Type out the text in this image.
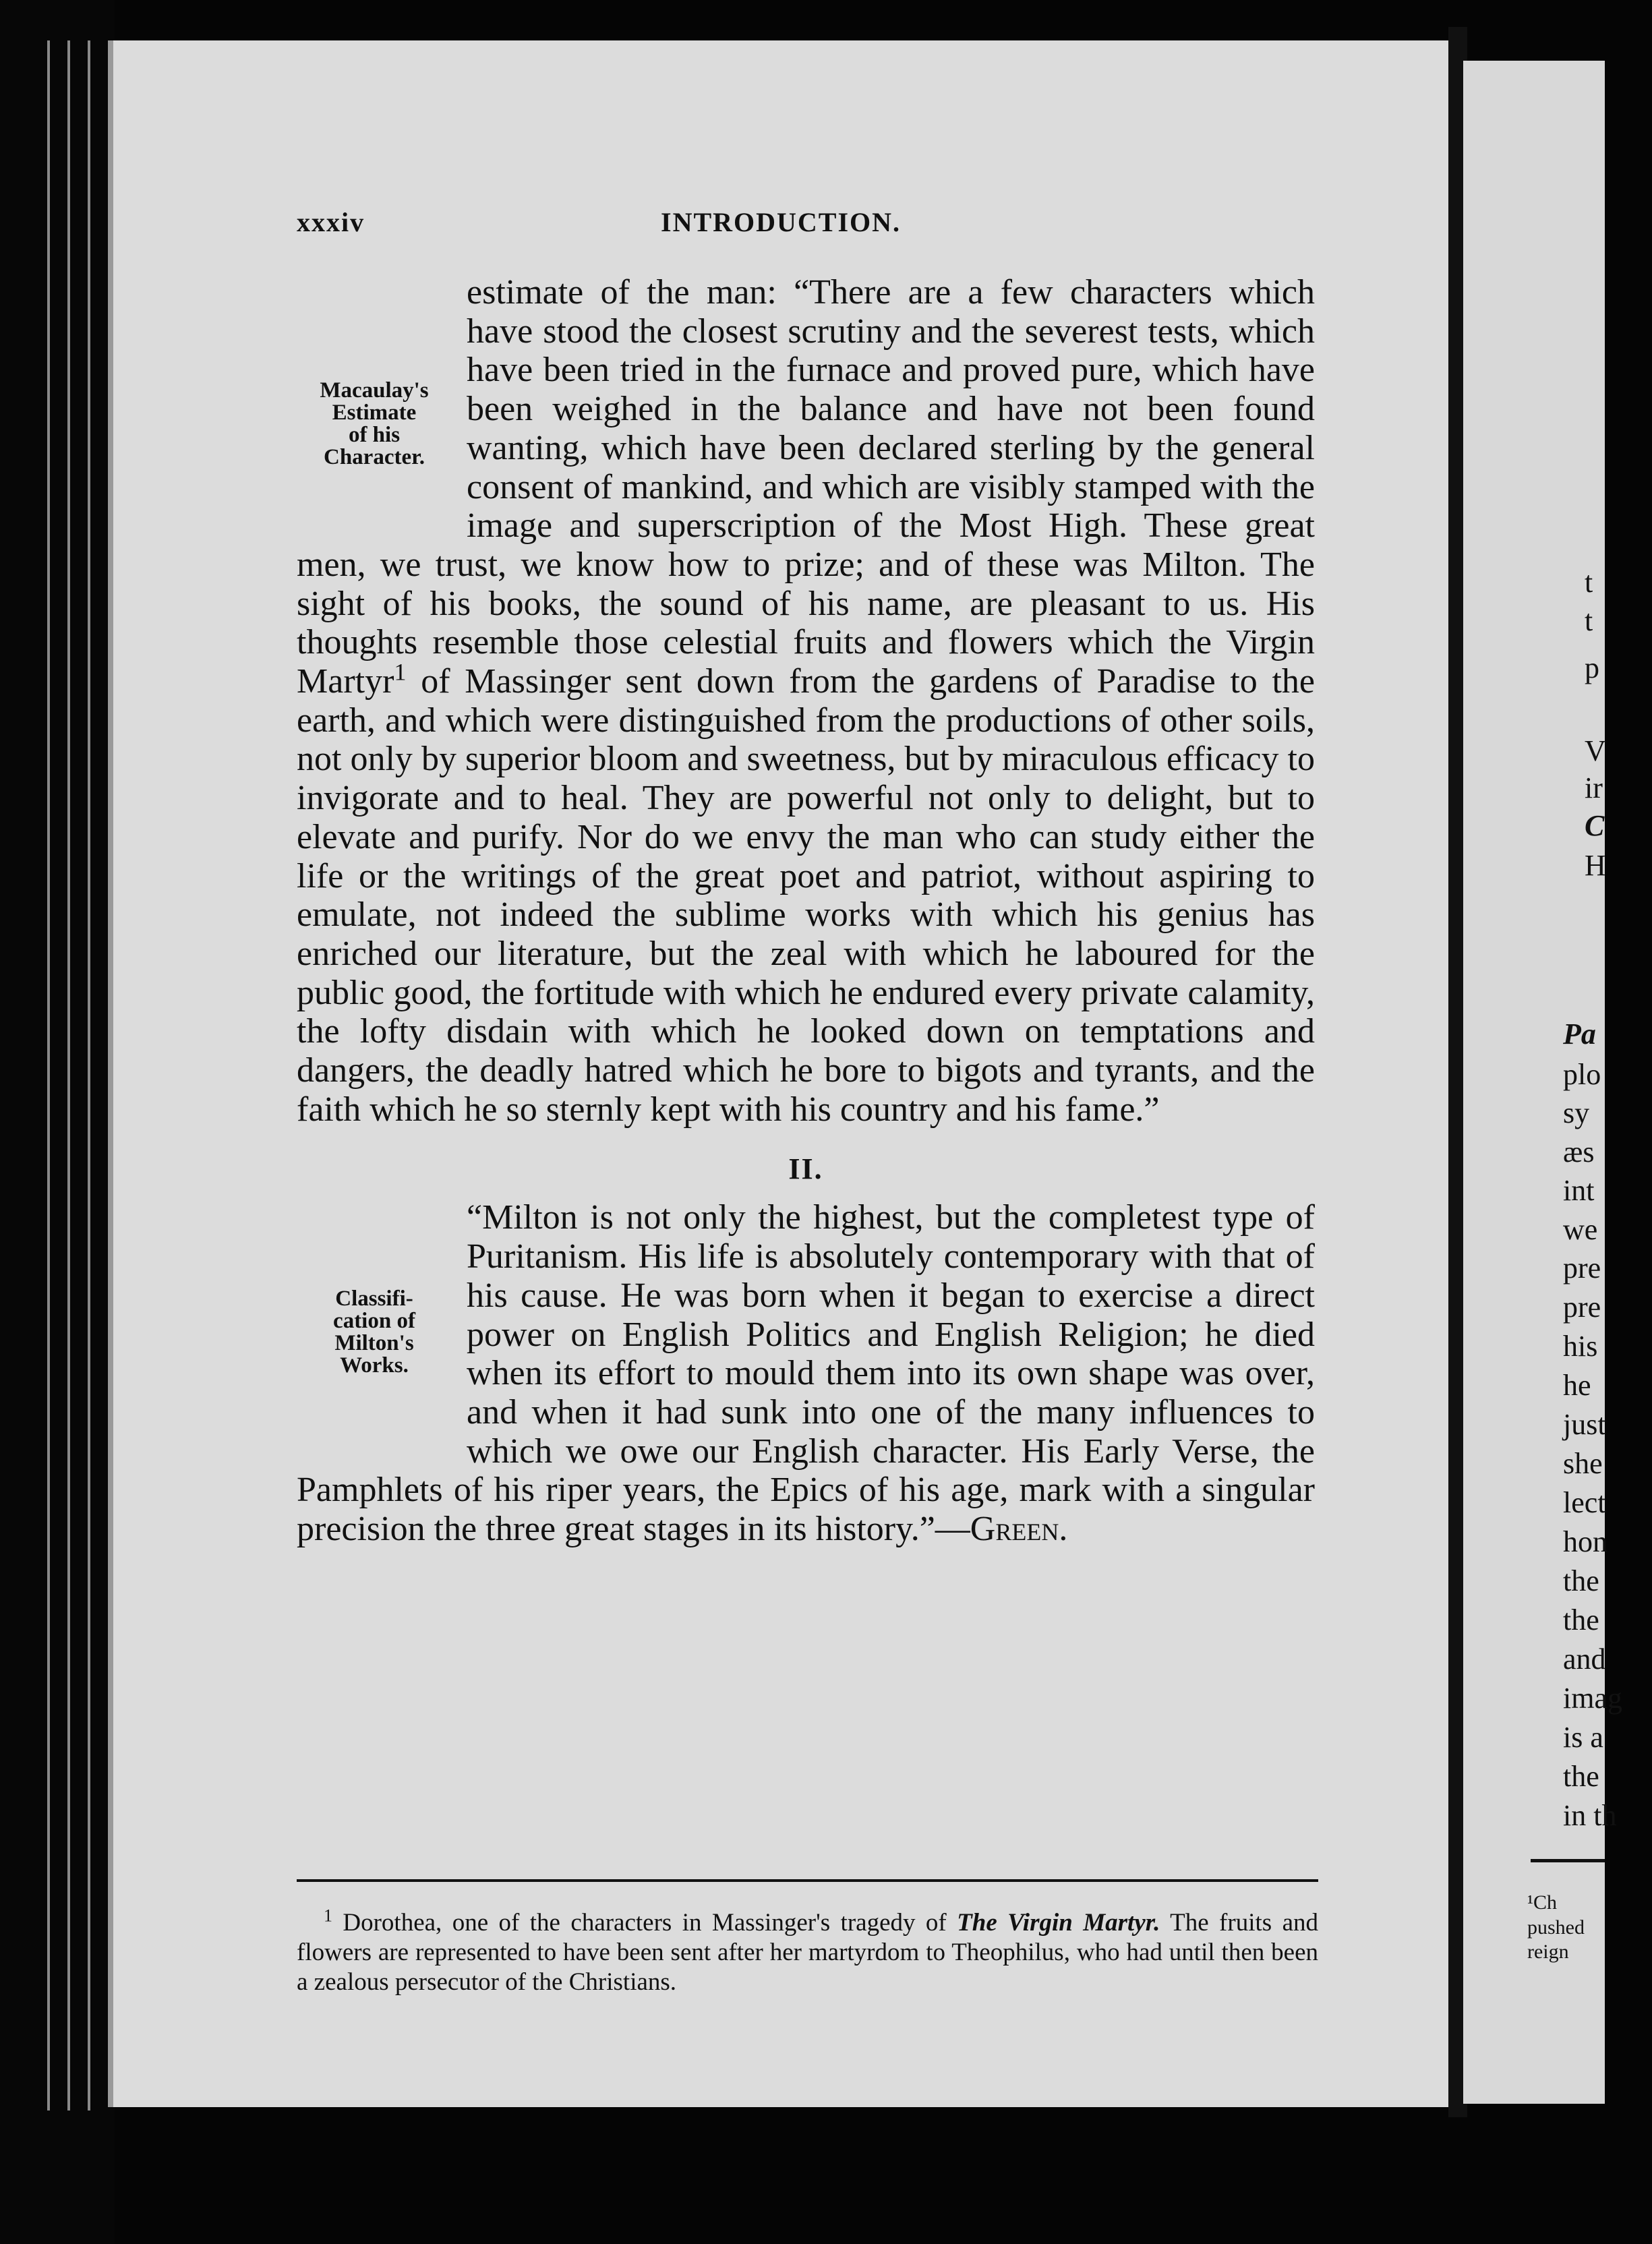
t
t
p
V
ir
C
H
Pa
plo
sy
æs
int
we
pre
pre
his
he
just
she
lect
hon
the
the
and
imag
is a
the
in th
¹Ch
pushed
reign
xxxiv	INTRODUCTION.
Macaulay's
Estimate
of his
Character.

estimate of the man: “There are a few characters which have stood the closest scrutiny and the severest tests, which have been tried in the furnace and proved pure, which have been weighed in the balance and have not been found wanting, which have been declared sterling by the general consent of mankind, and which are visibly stamped with the image and superscription of the Most High. These great men, we trust, we know how to prize; and of these was Milton. The sight of his books, the sound of his name, are pleasant to us. His thoughts resemble those celestial fruits and flowers which the Virgin Martyr$^1$ of Massinger sent down from the gardens of Paradise to the earth, and which were distinguished from the productions of other soils, not only by superior bloom and sweetness, but by miraculous efficacy to invigorate and to heal. They are powerful not only to delight, but to elevate and purify. Nor do we envy the man who can study either the life or the writings of the great poet and patriot, without aspiring to emulate, not indeed the sublime works with which his genius has enriched our literature, but the zeal with which he laboured for the public good, the fortitude with which he endured every private calamity, the lofty disdain with which he looked down on temptations and dangers, the deadly hatred which he bore to bigots and tyrants, and the faith which he so sternly kept with his country and his fame.”

II.
Classifi-
cation of
Milton's
Works.

“Milton is not only the highest, but the completest type of Puritanism. His life is absolutely contemporary with that of his cause. He was born when it began to exercise a direct power on English Politics and English Religion; he died when its effort to mould them into its own shape was over, and when it had sunk into one of the many influences to which we owe our English character. His Early Verse, the Pamphlets of his riper years, the Epics of his age, mark with a singular precision the three great stages in its history.”—Green.

$^1$ Dorothea, one of the characters in Massinger's tragedy of The Virgin Martyr. The fruits and flowers are represented to have been sent after her martyrdom to Theophilus, who had until then been a zealous persecutor of the Christians.
